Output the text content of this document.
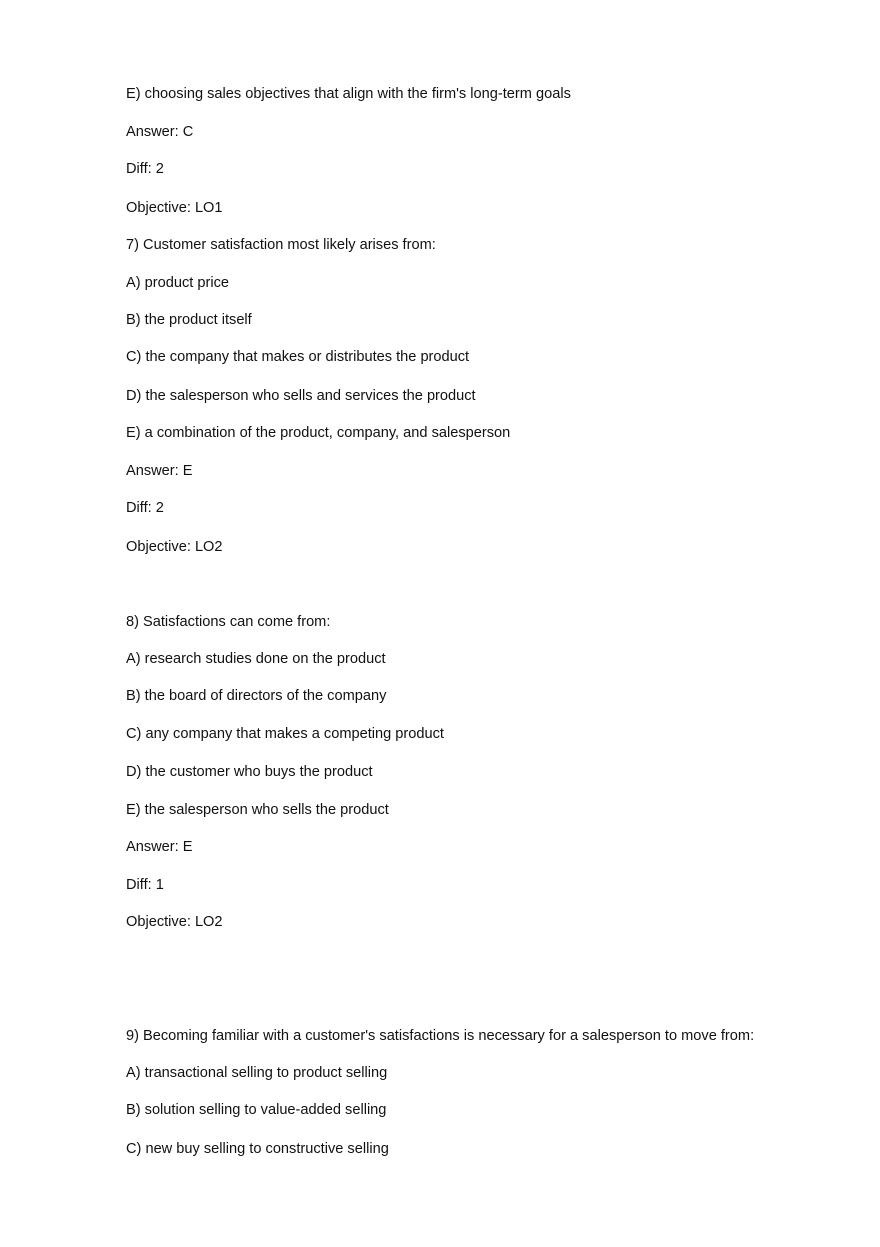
E) choosing sales objectives that align with the firm's long-term goals

Answer: C

Diff: 2

Objective: LO1

7) Customer satisfaction most likely arises from:

A) product price

B) the product itself

C) the company that makes or distributes the product

D) the salesperson who sells and services the product

E) a combination of the product, company, and salesperson

Answer: E

Diff: 2

Objective: LO2

8) Satisfactions can come from:

A) research studies done on the product

B) the board of directors of the company

C) any company that makes a competing product

D) the customer who buys the product

E) the salesperson who sells the product

Answer: E

Diff: 1

Objective: LO2

9) Becoming familiar with a customer's satisfactions is necessary for a salesperson to move from:

A) transactional selling to product selling

B) solution selling to value-added selling

C) new buy selling to constructive selling
